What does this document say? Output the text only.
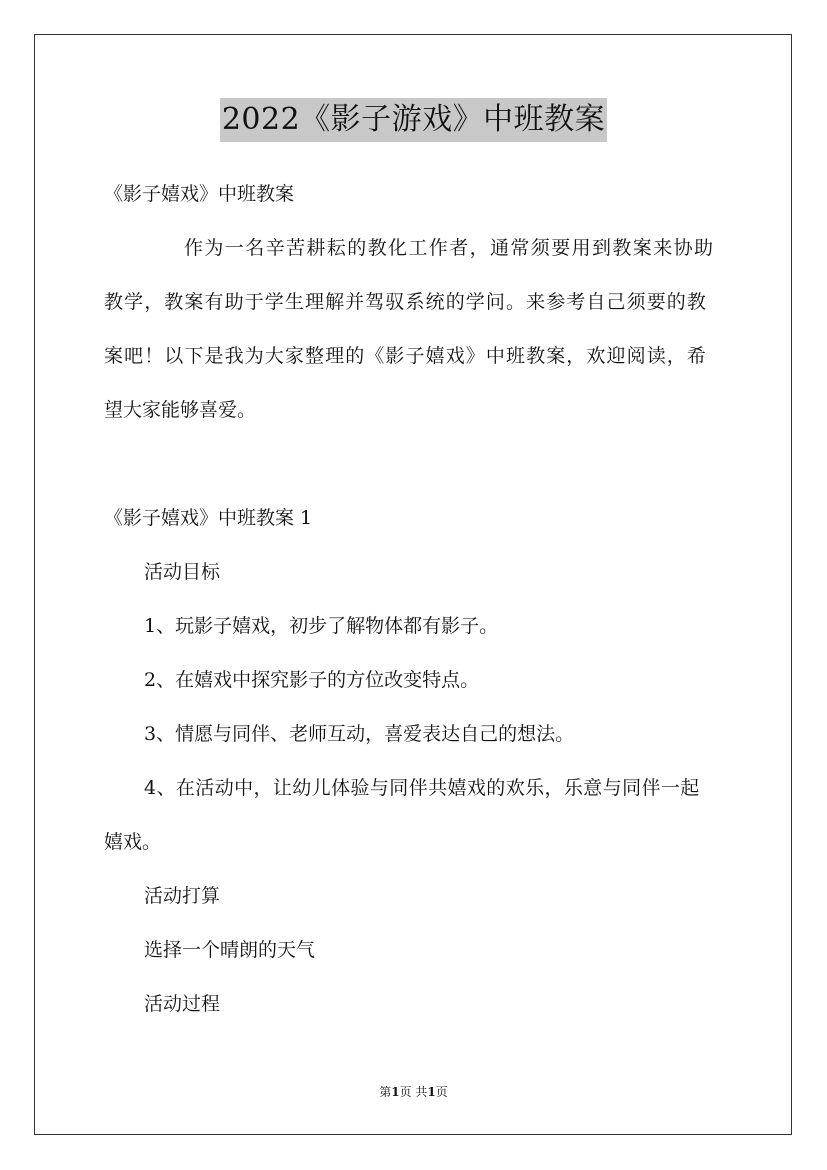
2022《影子游戏》中班教案
《影子嬉戏》中班教案
作为一名辛苦耕耘的教化工作者，通常须要用到教案来协助
教学，教案有助于学生理解并驾驭系统的学问。来参考自己须要的教
案吧！以下是我为大家整理的《影子嬉戏》中班教案，欢迎阅读，希
望大家能够喜爱。
《影子嬉戏》中班教案 1
活动目标
1、玩影子嬉戏，初步了解物体都有影子。
2、在嬉戏中探究影子的方位改变特点。
3、情愿与同伴、老师互动，喜爱表达自己的想法。
4、在活动中，让幼儿体验与同伴共嬉戏的欢乐，乐意与同伴一起
嬉戏。
活动打算
选择一个晴朗的天气
活动过程
第1页 共1页
